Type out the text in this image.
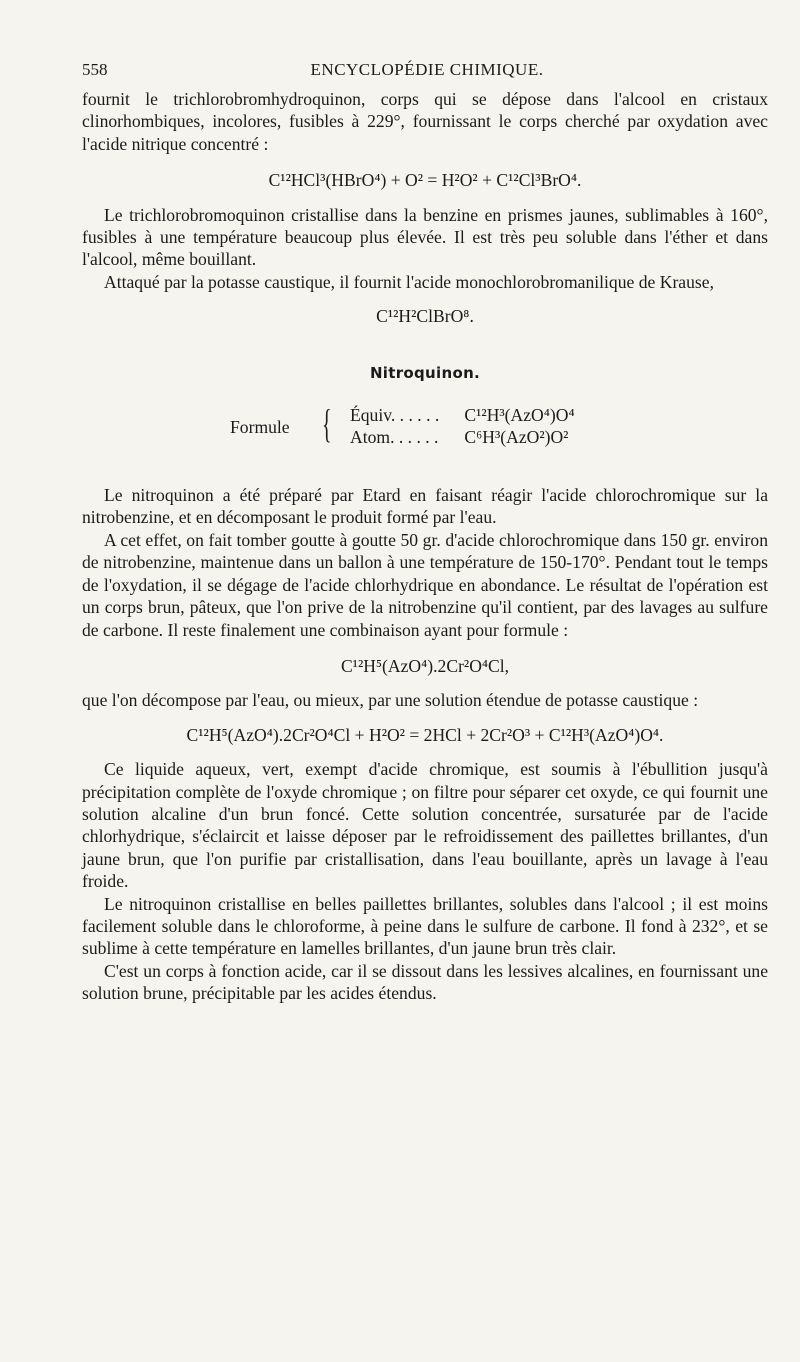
558	ENCYCLOPÉDIE CHIMIQUE.

fournit le trichlorobromhydroquinon, corps qui se dépose dans l'alcool en cristaux clinorhombiques, incolores, fusibles à 229°, fournissant le corps cherché par oxydation avec l'acide nitrique concentré :

C¹²HCl³(HBrO⁴) + O² = H²O² + C¹²Cl³BrO⁴.

Le trichlorobromoquinon cristallise dans la benzine en prismes jaunes, sublimables à 160°, fusibles à une température beaucoup plus élevée. Il est très peu soluble dans l'éther et dans l'alcool, même bouillant.

Attaqué par la potasse caustique, il fournit l'acide monochlorobromanilique de Krause,

C¹²H²ClBrO⁸.
Nitroquinon.
Formule { Équiv. . . . . . C¹²H³(AzO⁴)O⁴
Atom. . . . . . C⁶H³(AzO²)O²

Le nitroquinon a été préparé par Etard en faisant réagir l'acide chlorochromique sur la nitrobenzine, et en décomposant le produit formé par l'eau.

A cet effet, on fait tomber goutte à goutte 50 gr. d'acide chlorochromique dans 150 gr. environ de nitrobenzine, maintenue dans un ballon à une température de 150-170°. Pendant tout le temps de l'oxydation, il se dégage de l'acide chlorhydrique en abondance. Le résultat de l'opération est un corps brun, pâteux, que l'on prive de la nitrobenzine qu'il contient, par des lavages au sulfure de carbone. Il reste finalement une combinaison ayant pour formule :

C¹²H⁵(AzO⁴).2Cr²O⁴Cl,

que l'on décompose par l'eau, ou mieux, par une solution étendue de potasse caustique :

C¹²H⁵(AzO⁴).2Cr²O⁴Cl + H²O² = 2HCl + 2Cr²O³ + C¹²H³(AzO⁴)O⁴.

Ce liquide aqueux, vert, exempt d'acide chromique, est soumis à l'ébullition jusqu'à précipitation complète de l'oxyde chromique ; on filtre pour séparer cet oxyde, ce qui fournit une solution alcaline d'un brun foncé. Cette solution concentrée, sursaturée par de l'acide chlorhydrique, s'éclaircit et laisse déposer par le refroidissement des paillettes brillantes, d'un jaune brun, que l'on purifie par cristallisation, dans l'eau bouillante, après un lavage à l'eau froide.

Le nitroquinon cristallise en belles paillettes brillantes, solubles dans l'alcool ; il est moins facilement soluble dans le chloroforme, à peine dans le sulfure de carbone. Il fond à 232°, et se sublime à cette température en lamelles brillantes, d'un jaune brun très clair.

C'est un corps à fonction acide, car il se dissout dans les lessives alcalines, en fournissant une solution brune, précipitable par les acides étendus.
